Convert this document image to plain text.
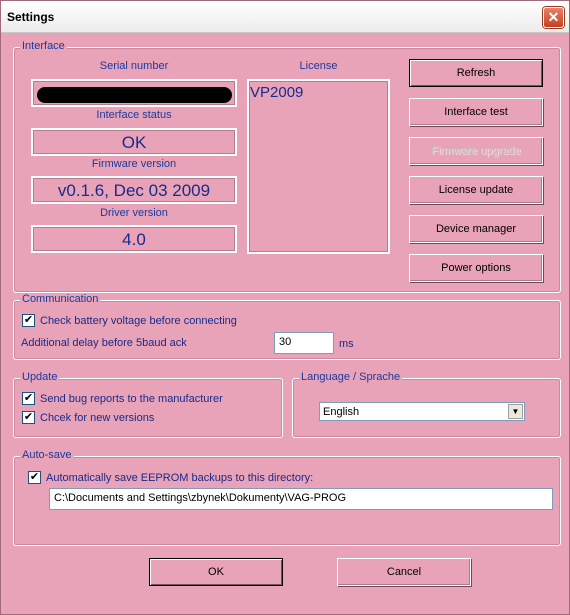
Settings	✕
Interface
Serial number
Interface status
OK
Firmware version
v0.1.6, Dec 03 2009
Driver version
4.0
License
VP2009
Refresh
Interface test
Firmware upgrade
License update
Device manager
Power options
Communication
✔ Check battery voltage before connecting
Additional delay before 5baud ack	30	ms
Update
✔ Send bug reports to the manufacturer
✔ Chcek for new versions
Language / Sprache
English	▼
Auto-save
✔ Automatically save EEPROM backups to this directory:
C:\Documents and Settings\zbynek\Dokumenty\VAG-PROG
OK	Cancel
